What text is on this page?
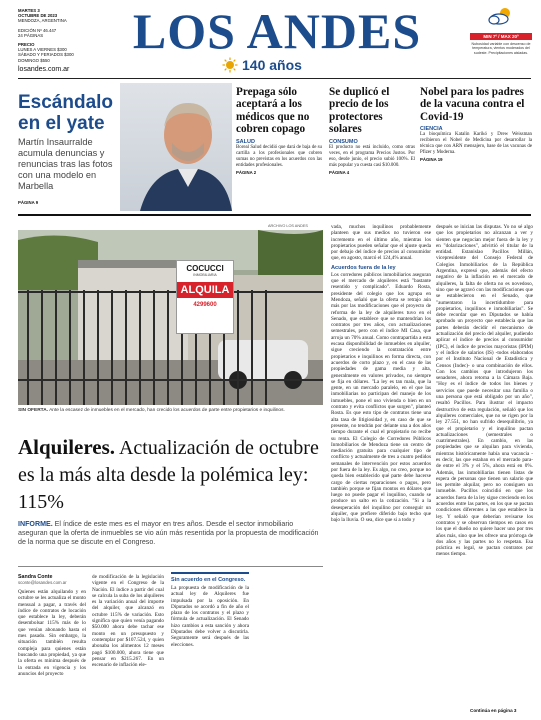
MARTES 3
OCTUBRE DE 2023
MENDOZA, ARGENTINA
EDICIÓN Nº 46.447
24 PÁGINAS
PRECIO
LUNES A VIERNES $300
SÁBADO Y FERIADOS $300
DOMINGO $550
LOS ANDES
140 años
losandes.com.ar
MIN 7º / MAX 20º
Nubosidad variable con descenso de temperatura, vientos moderados del sudeste. Precipitaciones aisladas.
Escándalo
en el yate
Martín Insaurralde acumula denuncias y renuncias tras las fotos con una modelo en Marbella
PÁGINA 9
Prepaga sólo aceptará a los médicos que no cobren copago
SALUD
Boreal Salud decidió que dará de baja de su cartilla a los profesionales que cobren sumas no previstas en los acuerdos con las entidades profesionales.
PÁGINA 2
Se duplicó el precio de los protectores solares
CONSUMO
El producto no está incluido, como otras veces, en el programa Precios Justos. Por eso, desde junio, el precio subió 100%. El más popular ya cuesta casi $10.000.
PÁGINA 4
Nobel para los padres de la vacuna contra el Covid-19
CIENCIA
La bioquímica Katalin Karikó y Drew Weissman recibieron el Nobel de Medicina por desarrollar la técnica que con ARN mensajero, base de las vacunas de Pfizer y Moderna.
PÁGINA 19
COCUCCI
INMOBILIARIA
ALQUILA
4299600
ARCHIVO LOS ANDES
SIN OFERTA. Ante la escasez de inmuebles en el mercado, han crecido los acuerdos de parte entre propietarios e inquilinos.
Alquileres. Actualización de octubre es la más alta desde la polémica ley: 115%
INFORME. El índice de este mes es el mayor en tres años. Desde el sector inmobiliario aseguran que la oferta de inmuebles se vio aún más resentida por la propuesta de modificación de la norma que se discute en el Congreso.
Sandra Conte
sconte@losandes.com.ar
Quienes están alquilando y en octubre se les actualiza el monto mensual a pagar, a través del índice de contratos de locación que establece la ley, deberán desembolsar 115% más de lo que venían abonando hasta el mes pasado. Sin embargo, la situación también resulta compleja para quienes están buscando una propiedad, ya que la oferta es mínima después de la entrada en vigencia y los anuncios del proyecto
de modificación de la legislación vigente en el Congreso de la Nación. El índice a partir del cual se calcula la suba de los alquileres es la variación anual del importe del alquiler, que alcanzó en octubre 115% de variación. Esto significa que quien venía pagando $50.000 ahora debe tachar ese monto en un presupuesto y contemplar por $107.524, y quien abonaba los alimentos 12 meses pagó $100.000, ahora tiene que pensar en $215.267. En un escenario de inflación ele-
Sin acuerdo en el Congreso.
La propuesta de modificación de la actual ley de Alquileres fue impulsada por la oposición. En Diputados se acordó a fin de año el plazo de los contratos y el plazo y fórmula de actualización. El Senado hizo cambios a esta sanción y ahora Diputados debe volver a discutirla. Seguramente será después de las elecciones.
vada, muchos inquilinos probablemente planteen que sus medios no tuvieron ese incremento en el último año, mientras los propietarios pueden señalar que el ajuste queda por debajo del índice de precios al consumidor que, en agosto, marcó el 124,4% anual.
Acuerdos fuera de la ley
Los corredores públicos inmobiliarios aseguran que el mercado de alquileres está "bastante resentido y complicado". Eduardo Rosta, presidente del colegio que los agrupa en Mendoza, señaló que la oferta se retrajo aún más por las modificaciones que el proyecto de reforma de la ley de alquileres tuvo en el Senado, que establece que se mantendrían los contratos por tres años, con actualizaciones semestrales, pero con el índice MI Casa, que arroja un 70% anual. Como contrapartida a esta escasa disponibilidad de inmuebles en alquiler, sigue creciendo la contratación entre propietarios e inquilinos en forma directa, con acuerdos de corto plazo y, en el caso de las propiedades de gama media y alta, generalmente en valores privados, no siempre se fija en dólares. "La ley es tan mala, que la gente, en un mercado paralelo, en el que las inmobiliarias no participan del manejo de los inmuebles, pone el uso vivienda o bien en un contrato y evita conflictos que surgen", planteó Rosta. Es que esto tipo de contratos tiene una alta tasa de litigiosidad y, en caso de que se presente, no tendrán por delante una a dos años tiempo durante el cual el propietario no recibe su renta. El Colegio de Corredores Públicos Inmobiliarios de Mendoza tiene un centro de mediación gratuita para cualquier tipo de conflicto y actualmente de tres a cuatro pedidos semanales de intervención por estos acuerdos por fuera de la ley. Es algo, no creo, porque no queda bien establecido qué parte debe hacerse cargo de ciertas reparaciones o pagos, pero también porque se fijan montos en dólares que luego no puede pagar el inquilino, cuando se produce un salto en la cotización. "Si a la desesperación del inquilino por conseguir un alquiler, que prefiere diferido bajo techo que bajo la lluvia. O sea, dice que si a todo y
después se inician las disputas. Yo no sé algo que los propietarios no alcanzan a ver y sienten que negocian mejor fuera de la ley y en "dolarizaciones", advirtió el titular de la entidad. Estanislao Pacillos Millán, vicepresidente del Consejo Federal de Colegios Inmobiliarios de la República Argentina, expresó que, además del efecto negativo de la inflación en el mercado de alquileres, la falta de oferta no es novedoso, sino que se agravó con las modificaciones que se establecieron en el Senado, que "aumentaron la incertidumbre para propietarios, inquilinos e inmobiliarias". Se debe recordar que en Diputados se había aprobado un proyecto que establecía que las partes deberán decidir el mecanismo de actualización del precio del alquiler, pudiendo aplicar el índice de precios al consumidor (IPC), el índice de precios mayoristas (IPIM) y el índice de salarios (IS) -todos elaborados por el Instituto Nacional de Estadística y Censos (Indec)- o una combinación de ellos. Con los cambios que introdujeron los senadores, ahora retorna a la Cámara Baja. "Hoy es el índice de todos los bienes y servicios que puede necesitar una familia o una persona que está obligado por un año", resaltó Pacillos. Para ilustrar el impacto destructivo de esta regulación, señaló que los alquileres comerciales, que no se rigen por la ley 27.551, no han sufrido desequilibrio, ya que el propietario y el inquilino pactan actualizaciones (semestrales o cuatrimestrales). En cambio, en las propiedades que se alquilan para vivienda, mientras históricamente había una vacancia -es decir, las que estaban en el mercado para- de entre el 3% y el 5%, ahora está en 0%. Además, las inmobiliarias tienen listas de espera de personas que tienen un salario que les permite alquilar, pero no consiguen un inmueble. Pacillos coincidió en que los acuerdos fuera de la ley sigue creciendo en los acuerdos entre las partes, en los que se pactan condiciones diferentes a las que establece la ley. Y señaló que deberían revisarse los contratos y se observan tiempos en casos en los que el dueño no quiere hacer uno por tres años más, sino que les ofrece una prórroga de dos años y las partes no lo respetan. Esa práctica es legal, se pactan contratos por menos tiempo.
Continúa en página 3
